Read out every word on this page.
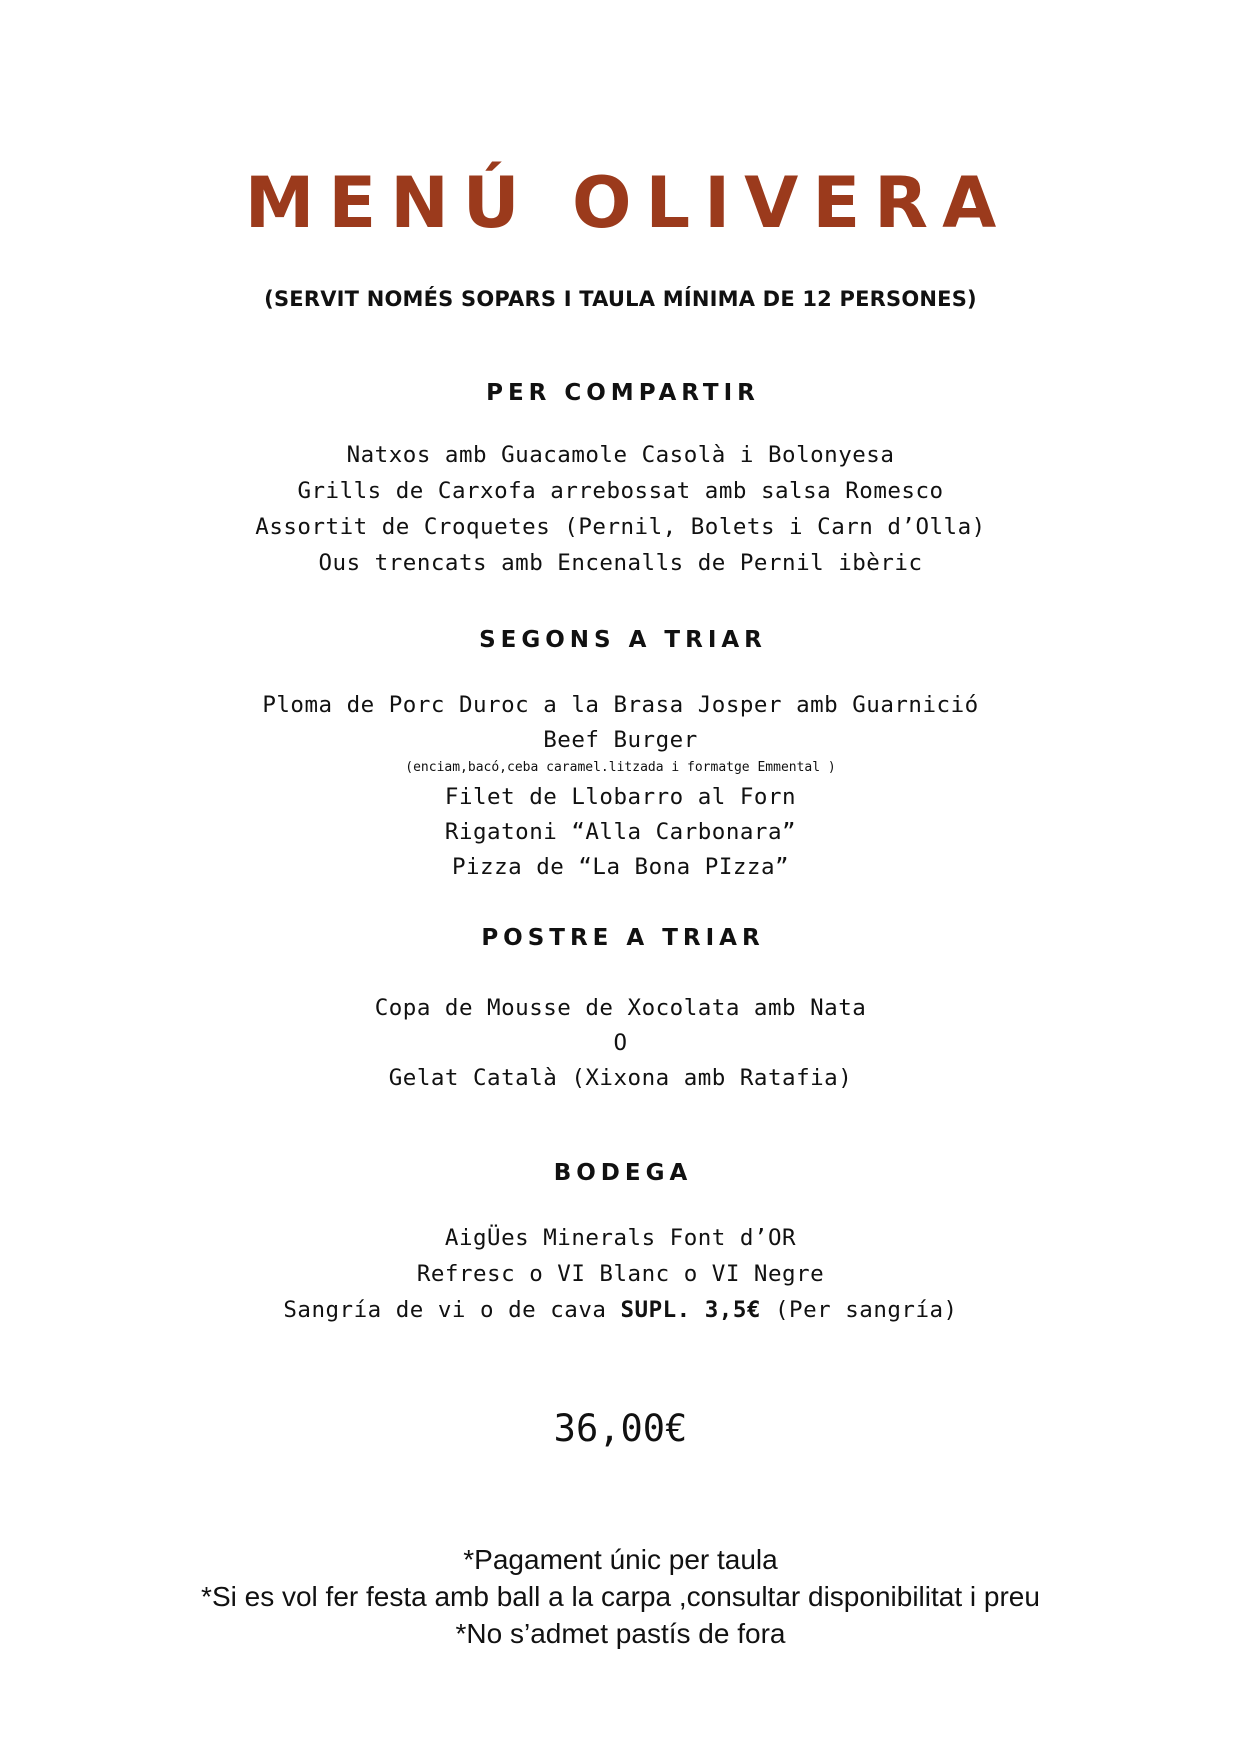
MENÚ OLIVERA
(SERVIT NOMÉS SOPARS I TAULA MÍNIMA DE 12 PERSONES)
PER COMPARTIR
Natxos amb Guacamole Casolà i Bolonyesa
Grills de Carxofa arrebossat amb salsa Romesco
Assortit de Croquetes (Pernil, Bolets i Carn d’Olla)
Ous trencats amb Encenalls de Pernil ibèric
SEGONS A TRIAR
Ploma de Porc Duroc a la Brasa Josper amb Guarnició
Beef Burger
(enciam,bacó,ceba caramel.litzada i formatge Emmental )
Filet de Llobarro al Forn
Rigatoni “Alla Carbonara”
Pizza de “La Bona PIzza”
POSTRE A TRIAR
Copa de Mousse de Xocolata amb Nata
O
Gelat Català (Xixona amb Ratafia)
BODEGA
AigÜes Minerals Font d’OR
Refresc o VI Blanc o VI Negre
Sangría de vi o de cava SUPL. 3,5€ (Per sangría)
36,00€
*Pagament únic per taula
*Si es vol fer festa amb ball a la carpa ,consultar disponibilitat i preu
*No s’admet pastís de fora
